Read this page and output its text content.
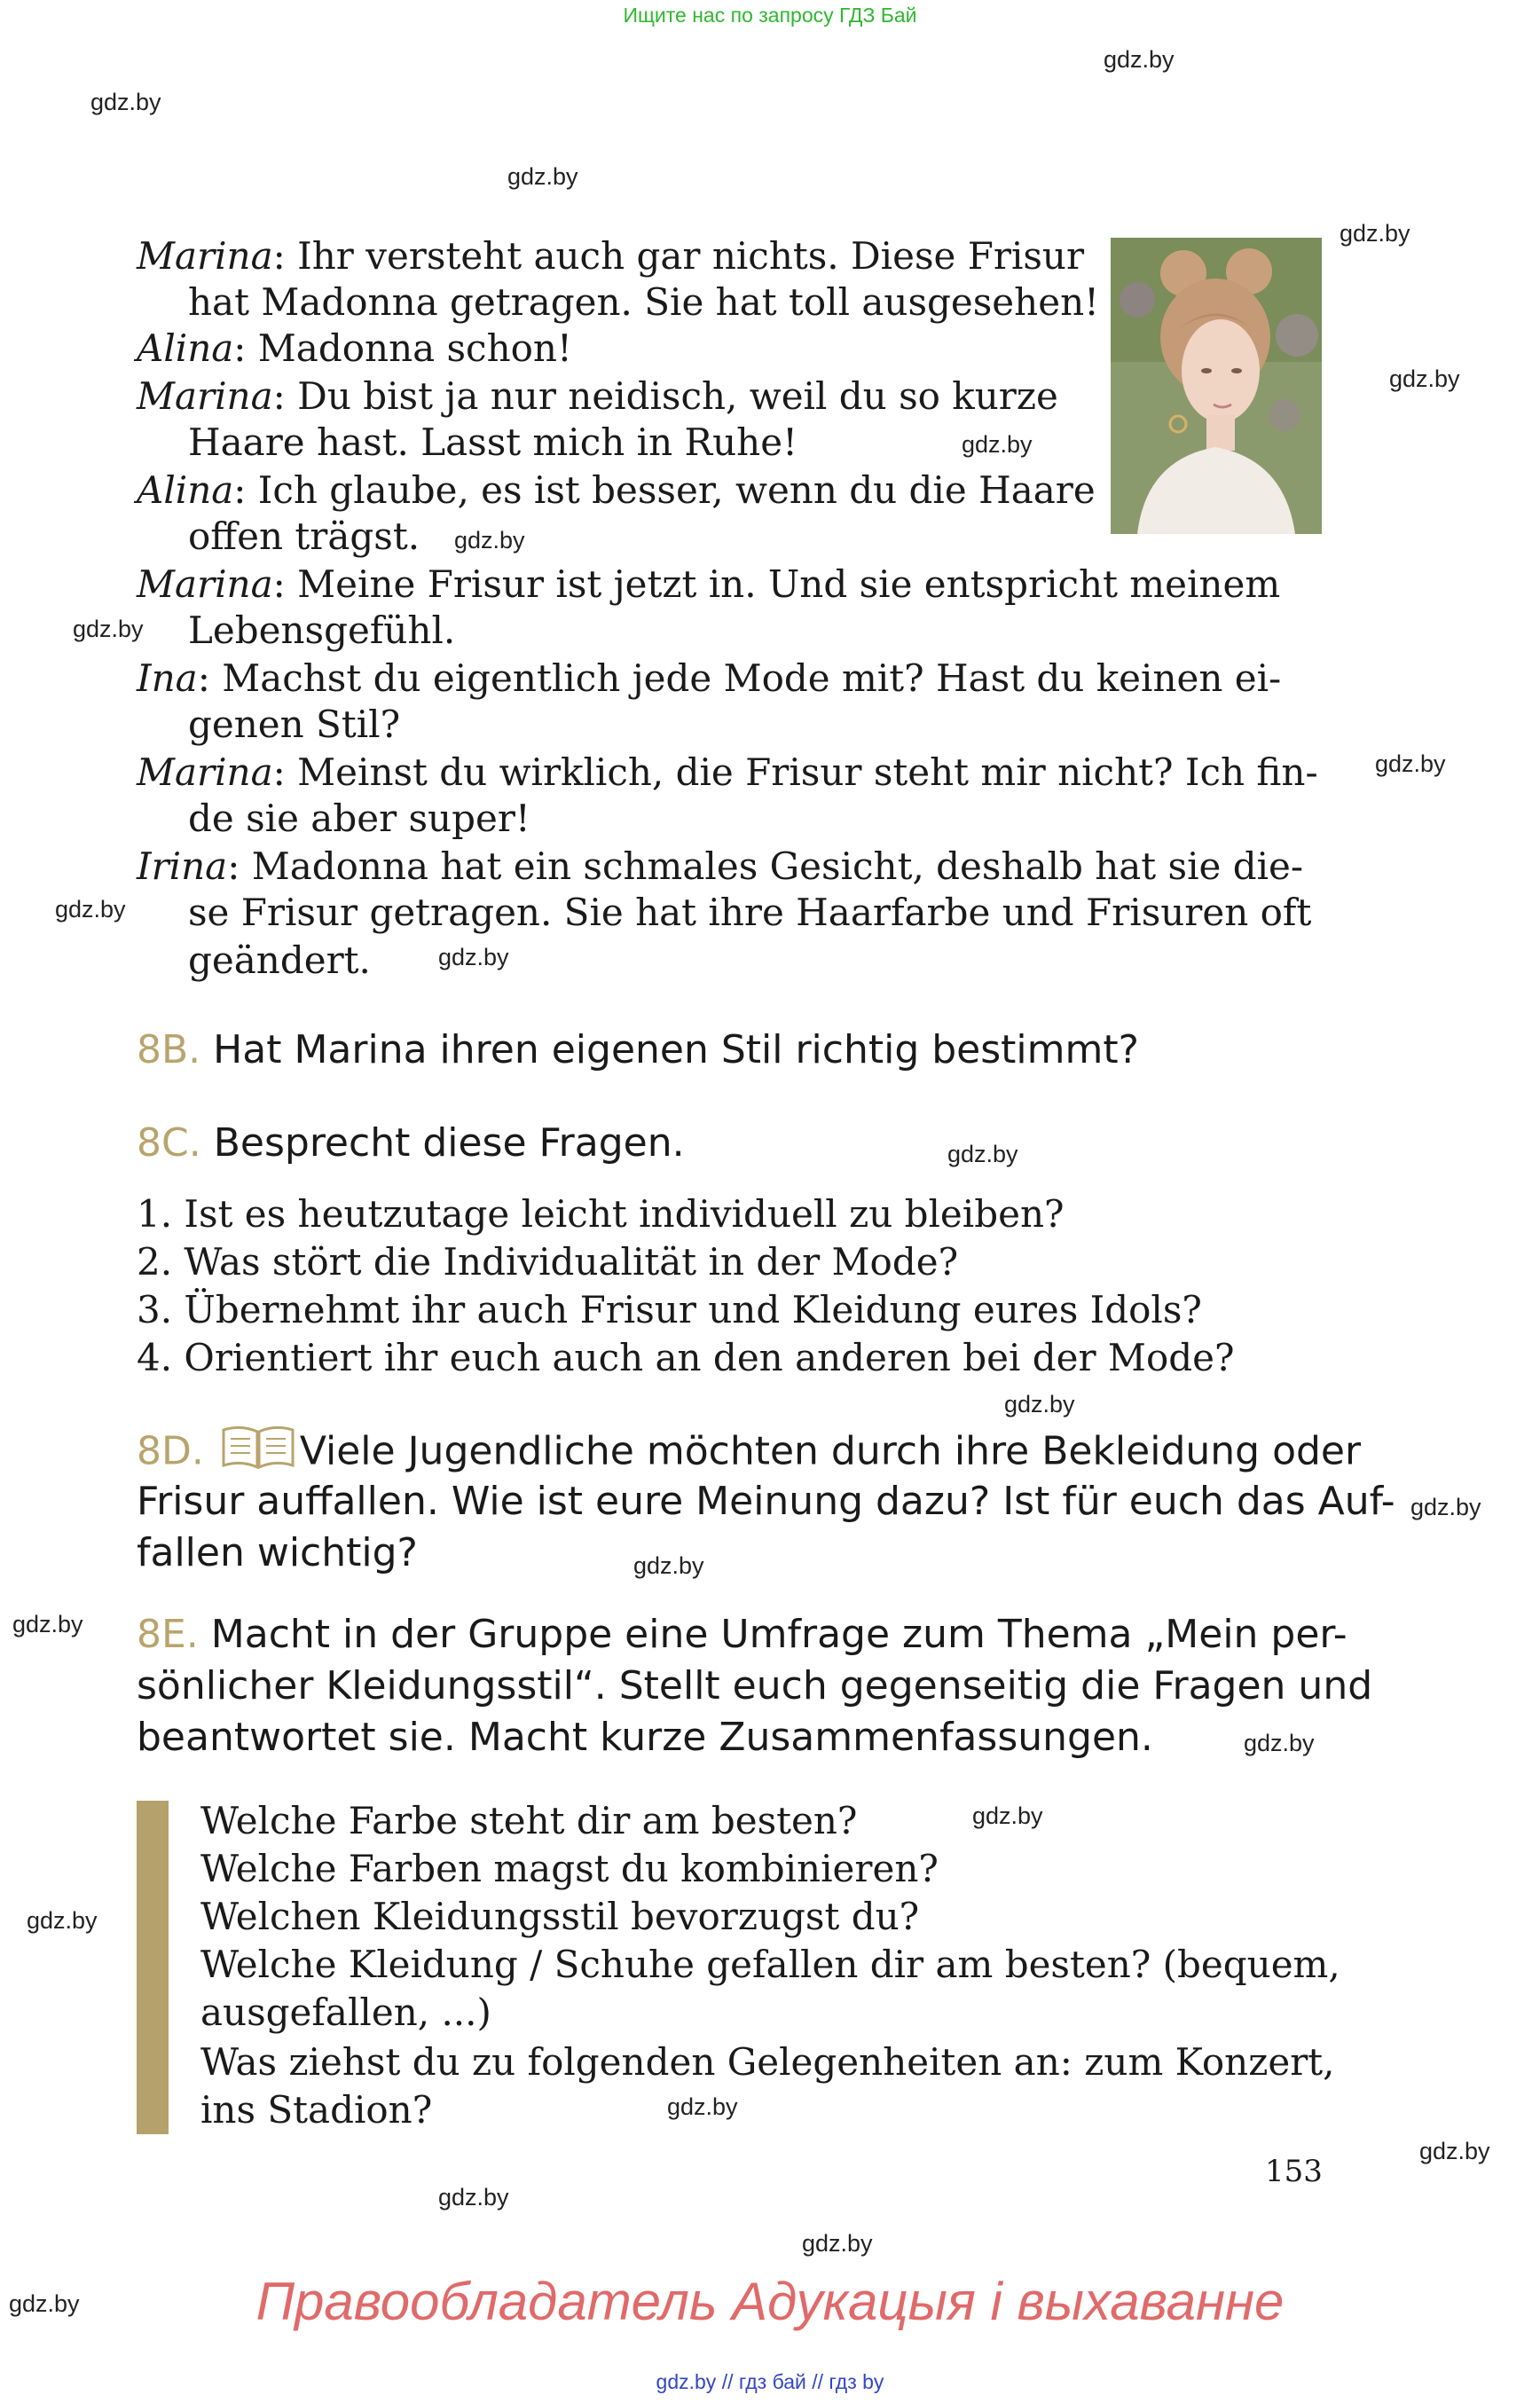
Ищите нас по запросу ГДЗ Бай
gdz.by
gdz.by
gdz.by
gdz.by
gdz.by
gdz.by
gdz.by
gdz.by
gdz.by
gdz.by
gdz.by
gdz.by
gdz.by
gdz.by
gdz.by
gdz.by
gdz.by
gdz.by
gdz.by
gdz.by
gdz.by
gdz.by
gdz.by
gdz.by
Marina: Ihr versteht auch gar nichts. Diese Frisur
hat Madonna getragen. Sie hat toll ausgesehen!
Alina: Madonna schon!
Marina: Du bist ja nur neidisch, weil du so kurze
Haare hast. Lasst mich in Ruhe!
Alina: Ich glaube, es ist besser, wenn du die Haare
offen trägst.
Marina: Meine Frisur ist jetzt in. Und sie entspricht meinem
Lebensgefühl.
Ina: Machst du eigentlich jede Mode mit? Hast du keinen ei-
genen Stil?
Marina: Meinst du wirklich, die Frisur steht mir nicht? Ich fin-
de sie aber super!
Irina: Madonna hat ein schmales Gesicht, deshalb hat sie die-
se Frisur getragen. Sie hat ihre Haarfarbe und Frisuren oft
geändert.
8B. Hat Marina ihren eigenen Stil richtig bestimmt?
8C. Besprecht diese Fragen.
1. Ist es heutzutage leicht individuell zu bleiben?
2. Was stört die Individualität in der Mode?
3. Übernehmt ihr auch Frisur und Kleidung eures Idols?
4. Orientiert ihr euch auch an den anderen bei der Mode?
8D. Viele Jugendliche möchten durch ihre Bekleidung oder
Frisur auffallen. Wie ist eure Meinung dazu? Ist für euch das Auf-
fallen wichtig?
8E. Macht in der Gruppe eine Umfrage zum Thema „Mein per-
sönlicher Kleidungsstil“. Stellt euch gegenseitig die Fragen und
beantwortet sie. Macht kurze Zusammenfassungen.
Welche Farbe steht dir am besten?
Welche Farben magst du kombinieren?
Welchen Kleidungsstil bevorzugst du?
Welche Kleidung / Schuhe gefallen dir am besten? (bequem,
ausgefallen, ...)
Was ziehst du zu folgenden Gelegenheiten an: zum Konzert,
ins Stadion?
153
Правообладатель Адукацыя і выхаванне
gdz.by // гдз бай // гдз by
